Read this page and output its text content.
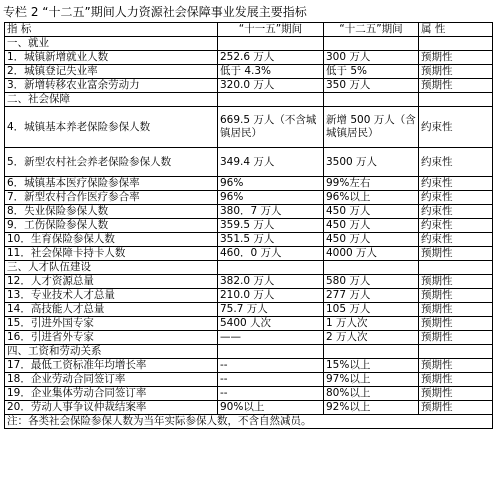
专栏 2 “十二五”期间人力资源社会保障事业发展主要指标
指 标	“十一五”期间	“十二五”期间	属 性
一、就业			
1．城镇新增就业人数	252.6 万人	300 万人	预期性
2．城镇登记失业率	低于 4.3%	低于 5%	预期性
3．新增转移农业富余劳动力	320.0 万人	350 万人	预期性
二、社会保障			
4．城镇基本养老保险参保人数	669.5 万人（不含城镇居民）	新增 500 万人（含城镇居民）	约束性
5．新型农村社会养老保险参保人数	349.4 万人	3500 万人	约束性
6．城镇基本医疗保险参保率	96%	99%左右	约束性
7．新型农村合作医疗参合率	96%	96%以上	约束性
8．失业保险参保人数	380．7 万人	450 万人	约束性
9．工伤保险参保人数	359.5 万人	450 万人	约束性
10．生育保险参保人数	351.5 万人	450 万人	约束性
11．社会保障卡持卡人数	460．0 万人	4000 万人	预期性
三、人才队伍建设			
12．人才资源总量	382.0 万人	580 万人	预期性
13．专业技术人才总量	210.0 万人	277 万人	预期性
14．高技能人才总量	75.7 万人	105 万人	预期性
15．引进外国专家	5400 人次	1 万人次	预期性
16．引进省外专家	——	2 万人次	预期性
四、工资和劳动关系			
17．最低工资标准年均增长率	--	15%以上	预期性
18．企业劳动合同签订率	--	97%以上	预期性
19．企业集体劳动合同签订率	--	80%以上	预期性
20．劳动人事争议仲裁结案率	90%以上	92%以上	预期性
注：各类社会保险参保人数为当年实际参保人数，不含自然减员。			
